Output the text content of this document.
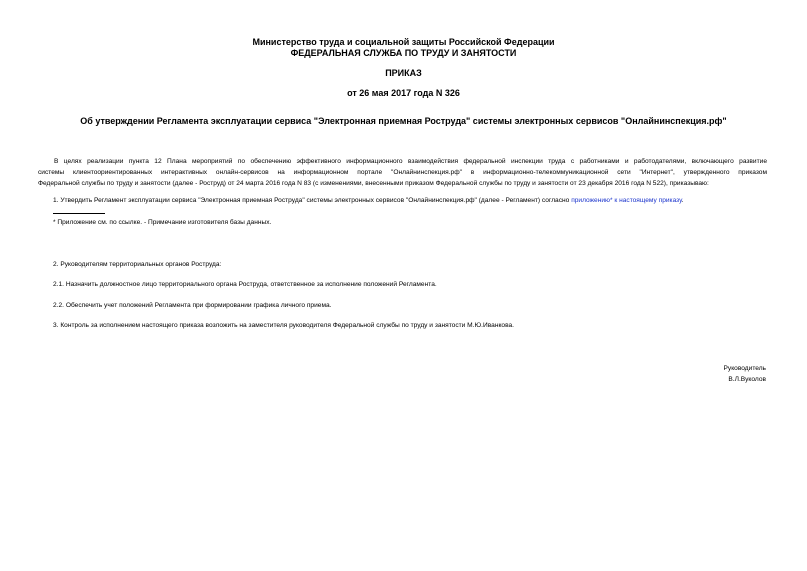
Министерство труда и социальной защиты Российской Федерации
ФЕДЕРАЛЬНАЯ СЛУЖБА ПО ТРУДУ И ЗАНЯТОСТИ
ПРИКАЗ
от 26 мая 2017 года N 326
Об утверждении Регламента эксплуатации сервиса "Электронная приемная Роструда" системы электронных сервисов "Онлайнинспекция.рф"
В целях реализации пункта 12 Плана мероприятий по обеспечению эффективного информационного взаимодействия федеральной инспекции труда с работниками и работодателями, включающего развитие
системы клиентоориентированных интерактивных онлайн-сервисов на информационном портале "Онлайнинспекция.рф" в информационно-телекоммуникационной сети "Интернет", утвержденного приказом
Федеральной службы по труду и занятости (далее - Роструд) от 24 марта 2016 года N 83 (с изменениями, внесенными приказом Федеральной службы по труду и занятости от 23 декабря 2016 года N 522), приказываю:
1. Утвердить Регламент эксплуатации сервиса "Электронная приемная Роструда" системы электронных сервисов "Онлайнинспекция.рф" (далее - Регламент) согласно приложению* к настоящему приказу.
* Приложение см. по ссылке. - Примечание изготовителя базы данных.
2. Руководителям территориальных органов Роструда:
2.1. Назначить должностное лицо территориального органа Роструда, ответственное за исполнение положений Регламента.
2.2. Обеспечить учет положений Регламента при формировании графика личного приема.
3. Контроль за исполнением настоящего приказа возложить на заместителя руководителя Федеральной службы по труду и занятости М.Ю.Иванкова.
Руководитель
В.Л.Вуколов
